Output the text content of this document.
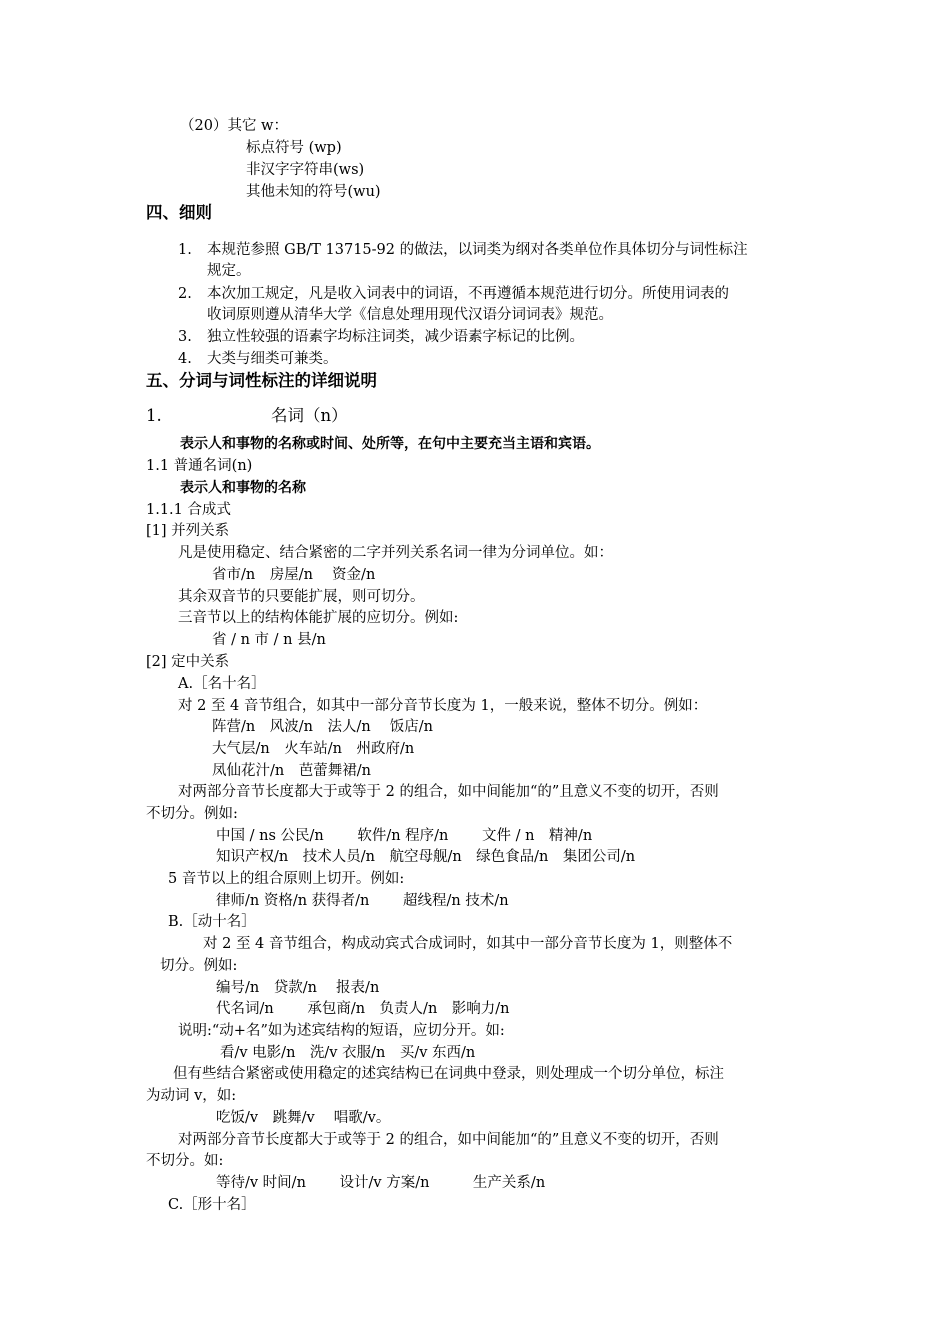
（20）其它 w：
标点符号 (wp)
非汉字字符串(ws)
其他未知的符号(wu)
四、细则
1. 本规范参照 GB/T 13715-92 的做法，以词类为纲对各类单位作具体切分与词性标注
规定。
2. 本次加工规定，凡是收入词表中的词语，不再遵循本规范进行切分。所使用词表的
收词原则遵从清华大学《信息处理用现代汉语分词词表》规范。
3. 独立性较强的语素字均标注词类，减少语素字标记的比例。
4. 大类与细类可兼类。
五、分词与词性标注的详细说明
1.	名词（n）
表示人和事物的名称或时间、处所等，在句中主要充当主语和宾语。
1.1 普通名词(n)
表示人和事物的名称
1.1.1 合成式
[1] 并列关系
凡是使用稳定、结合紧密的二字并列关系名词一律为分词单位。如：
省市/n　房屋/n　 资金/n
其余双音节的只要能扩展，则可切分。
三音节以上的结构体能扩展的应切分。例如:
省 / n 市 / n 县/n
[2] 定中关系
A.［名十名］
对 2 至 4 音节组合，如其中一部分音节长度为 1，一般来说，整体不切分。例如：
阵营/n　风波/n　法人/n　 饭店/n
大气层/n　火车站/n　州政府/n
凤仙花汁/n　芭蕾舞裙/n
对两部分音节长度都大于或等于 2 的组合，如中间能加“的”且意义不变的切开，否则
不切分。例如:
中国 / ns 公民/n　　 软件/n 程序/n　　 文件 / n　精神/n
知识产权/n　技术人员/n　航空母舰/n　绿色食品/n　集团公司/n
5 音节以上的组合原则上切开。例如:
律师/n 资格/n 获得者/n　　 超线程/n 技术/n
B.［动十名］
对 2 至 4 音节组合，构成动宾式合成词时，如其中一部分音节长度为 1，则整体不
切分。例如:
编号/n　贷款/n　 报表/n
代名词/n　　 承包商/n　负责人/n　影响力/n
说明:“动+名”如为述宾结构的短语，应切分开。如:
看/v 电影/n　洗/v 衣服/n　买/v 东西/n
但有些结合紧密或使用稳定的述宾结构已在词典中登录，则处理成一个切分单位，标注
为动词 v，如:
吃饭/v　跳舞/v　 唱歌/v。
对两部分音节长度都大于或等于 2 的组合，如中间能加“的”且意义不变的切开，否则
不切分。如:
等待/v 时间/n　　 设计/v 方案/n　　　生产关系/n
C.［形十名］
